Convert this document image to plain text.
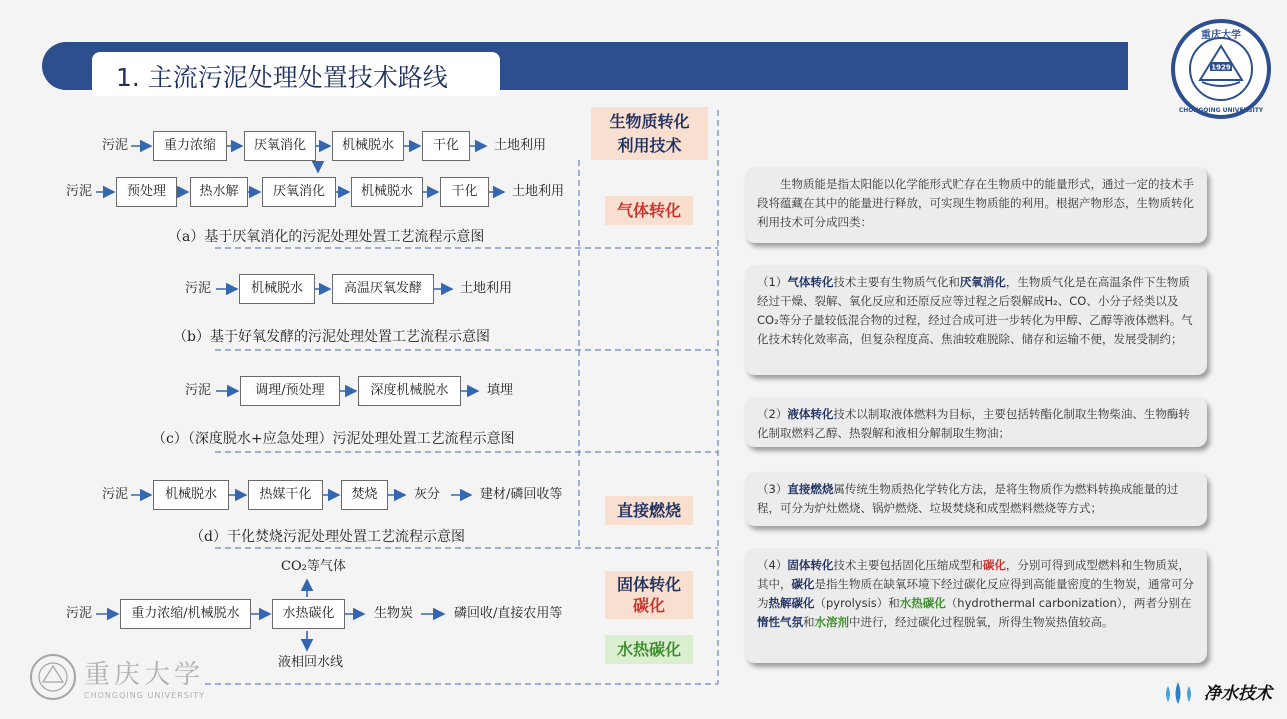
1. 主流污泥处理处置技术路线	1929
重庆大学
CHONGQING UNIVERSITY
污泥	重力浓缩	厌氧消化	机械脱水	干化	土地利用
污泥	预处理	热水解	厌氧消化	机械脱水	干化	土地利用
（a）基于厌氧消化的污泥处理处置工艺流程示意图
污泥	机械脱水	高温厌氧发酵	土地利用
（b）基于好氧发酵的污泥处理处置工艺流程示意图
污泥	调理/预处理	深度机械脱水	填埋
（c）（深度脱水+应急处理）污泥处理处置工艺流程示意图
污泥	机械脱水	热媒干化	焚烧	灰分	建材/磷回收等
（d）干化焚烧污泥处理处置工艺流程示意图
CO₂等气体
污泥	重力浓缩/机械脱水	水热碳化	生物炭	磷回收/直接农用等
液相回水线
生物质转化
利用技术
气体转化
直接燃烧
固体转化
碳化
水热碳化
生物质能是指太阳能以化学能形式贮存在生物质中的能量形式，通过一定的技术手段将蕴藏在其中的能量进行释放，可实现生物质能的利用。根据产物形态，生物质转化利用技术可分成四类：
（1）气体转化技术主要有生物质气化和厌氧消化，生物质气化是在高温条件下生物质经过干燥、裂解、氧化反应和还原反应等过程之后裂解成H₂、CO、小分子烃类以及CO₂等分子量较低混合物的过程，经过合成可进一步转化为甲醇、乙醇等液体燃料。气化技术转化效率高，但复杂程度高、焦油较难脱除、储存和运输不便，发展受制约；
（2）液体转化技术以制取液体燃料为目标，主要包括转酯化制取生物柴油、生物酶转化制取燃料乙醇、热裂解和液相分解制取生物油；
（3）直接燃烧属传统生物质热化学转化方法，是将生物质作为燃料转换成能量的过程，可分为炉灶燃烧、锅炉燃烧、垃圾焚烧和成型燃料燃烧等方式；
（4）固体转化技术主要包括固化压缩成型和碳化，分别可得到成型燃料和生物质炭，其中，碳化是指生物质在缺氧环境下经过碳化反应得到高能量密度的生物炭，通常可分为热解碳化（pyrolysis）和水热碳化（hydrothermal carbonization），两者分别在惰性气氛和水溶剂中进行，经过碳化过程脱氧，所得生物炭热值较高。
重庆大学
CHONGQING UNIVERSITY	净水技术
